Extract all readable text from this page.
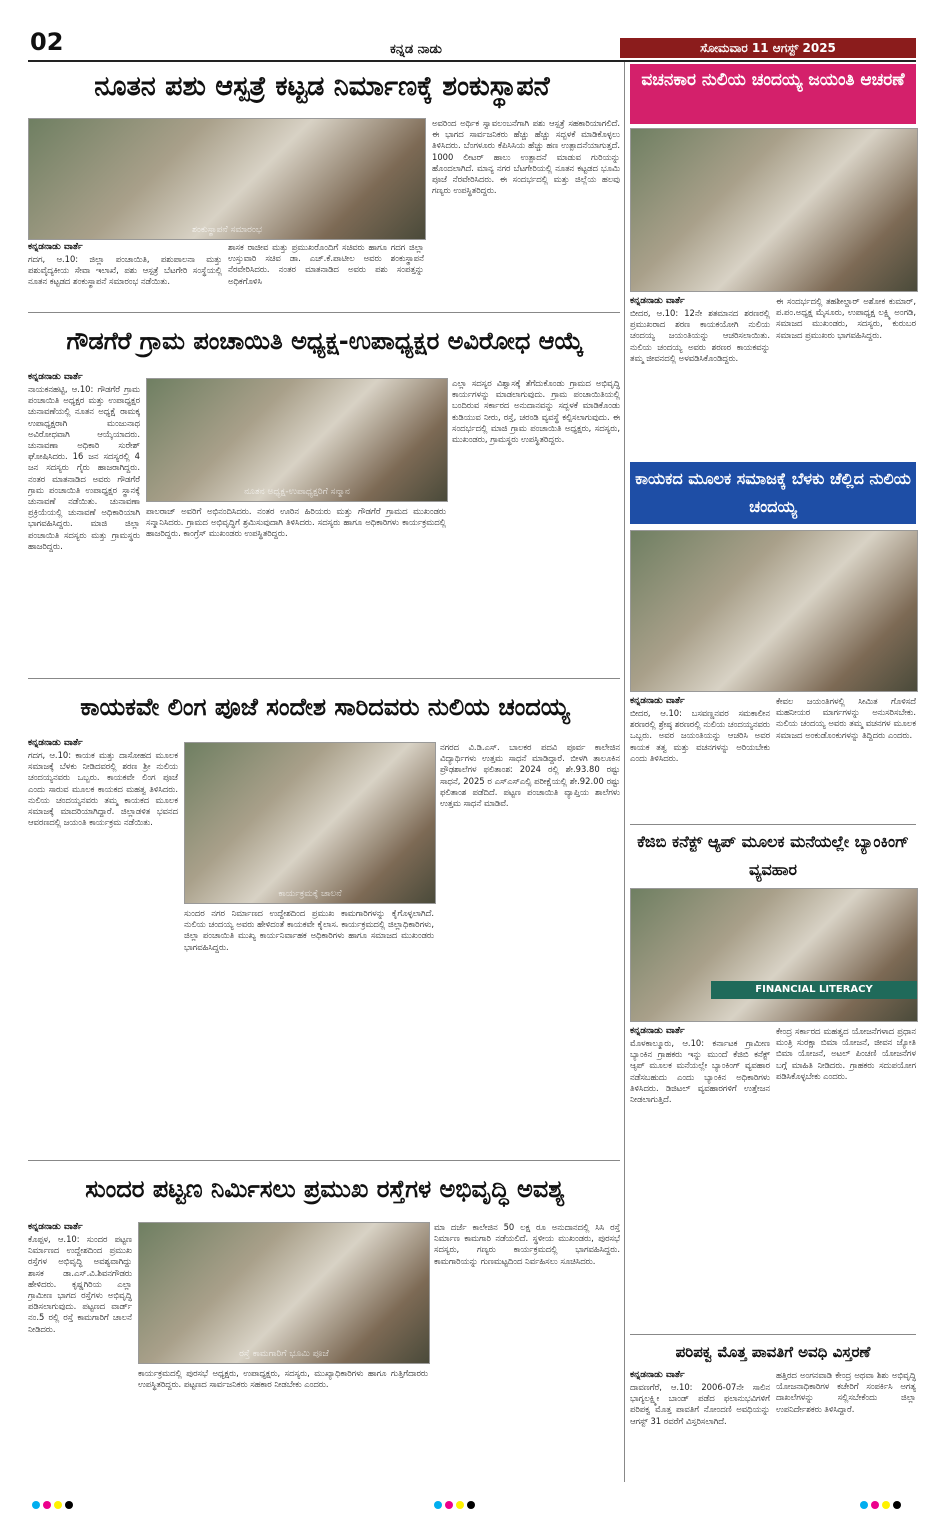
02	ಕನ್ನಡ ನಾಡು	ಸೋಮವಾರ 11 ಆಗಸ್ಟ್ 2025
ನೂತನ ಪಶು ಆಸ್ಪತ್ರೆ ಕಟ್ಟಡ ನಿರ್ಮಾಣಕ್ಕೆ ಶಂಕುಸ್ಥಾಪನೆ
ಶಂಕುಸ್ಥಾಪನೆ ಸಮಾರಂಭ
ಅವರಿಂದ ಅರ್ಥಿಕ ಸ್ವಾವಲಂಬನೆಗಾಗಿ ಪಶು ಆಸ್ಪತ್ರೆ ಸಹಕಾರಿಯಾಗಲಿದೆ. ಈ ಭಾಗದ ಸಾರ್ವಜನಿಕರು ಹೆಚ್ಚು ಹೆಚ್ಚು ಸದ್ಬಳಕೆ ಮಾಡಿಕೊಳ್ಳಲು ತಿಳಿಸಿದರು. ಬೆಂಗಳೂರು ಕೆಪಿಸಿಸಿಯ ಹೆಚ್ಚು ಹಣ ಉತ್ಪಾದನೆಯಾಗುತ್ತದೆ. 1000 ಲೀಟರ್ ಹಾಲು ಉತ್ಪಾದನೆ ಮಾಡುವ ಗುರಿಯನ್ನು ಹೊಂದಲಾಗಿದೆ. ಮಾನ್ಯ ನಗರ ಬೆಟಗೇರಿಯಲ್ಲಿ ನೂತನ ಕಟ್ಟಡದ ಭೂಮಿ ಪೂಜೆ ನೆರವೇರಿಸಿದರು. ಈ ಸಂದರ್ಭದಲ್ಲಿ ಮತ್ತು ಜಿಲ್ಲೆಯ ಹಲವು ಗಣ್ಯರು ಉಪಸ್ಥಿತರಿದ್ದರು.
ಕನ್ನಡನಾಡು ವಾರ್ತೆ
ಗದಗ, ಆ.10: ಜಿಲ್ಲಾ ಪಂಚಾಯಿತಿ, ಪಶುಪಾಲನಾ ಮತ್ತು ಪಶುವೈದ್ಯಕೀಯ ಸೇವಾ ಇಲಾಖೆ, ಪಶು ಆಸ್ಪತ್ರೆ ಬೆಟಗೇರಿ ಸಂಸ್ಥೆಯಲ್ಲಿ ನೂತನ ಕಟ್ಟಡದ ಶಂಕುಸ್ಥಾಪನೆ ಸಮಾರಂಭ ನಡೆಯಿತು.
ಶಾಸಕ ರಾಜೀವ ಮತ್ತು ಪ್ರಮುಖರೊಂದಿಗೆ ಸಚಿವರು ಹಾಗೂ ಗದಗ ಜಿಲ್ಲಾ ಉಸ್ತುವಾರಿ ಸಚಿವ ಡಾ. ಎಚ್.ಕೆ.ಪಾಟೀಲ ಅವರು ಶಂಕುಸ್ಥಾಪನೆ ನೆರವೇರಿಸಿದರು. ನಂತರ ಮಾತನಾಡಿದ ಅವರು ಪಶು ಸಂಪತ್ತನ್ನು ಅಧಿಕಗೊಳಿಸಿ
ಗೌಡಗೆರೆ ಗ್ರಾಮ ಪಂಚಾಯಿತಿ ಅಧ್ಯಕ್ಷ-ಉಪಾಧ್ಯಕ್ಷರ ಅವಿರೋಧ ಆಯ್ಕೆ
ಕನ್ನಡನಾಡು ವಾರ್ತೆ
ನಾಯಕನಹಟ್ಟಿ, ಆ.10: ಗೌಡಗೆರೆ ಗ್ರಾಮ ಪಂಚಾಯಿತಿ ಅಧ್ಯಕ್ಷರ ಮತ್ತು ಉಪಾಧ್ಯಕ್ಷರ ಚುನಾವಣೆಯಲ್ಲಿ ನೂತನ ಅಧ್ಯಕ್ಷೆ ರಾಮಕ್ಕ ಉಪಾಧ್ಯಕ್ಷರಾಗಿ ಮಂಜುನಾಥ ಅವಿರೋಧವಾಗಿ ಆಯ್ಕೆಯಾದರು. ಚುನಾವಣಾ ಅಧಿಕಾರಿ ಸುರೇಶ್ ಘೋಷಿಸಿದರು. 16 ಜನ ಸದಸ್ಯರಲ್ಲಿ 4 ಜನ ಸದಸ್ಯರು ಗೈರು ಹಾಜರಾಗಿದ್ದರು. ನಂತರ ಮಾತನಾಡಿದ ಅವರು ಗೌಡಗೆರೆ ಗ್ರಾಮ ಪಂಚಾಯಿತಿ ಉಪಾಧ್ಯಕ್ಷರ ಸ್ಥಾನಕ್ಕೆ ಚುನಾವಣೆ ನಡೆಯಿತು. ಚುನಾವಣಾ ಪ್ರಕ್ರಿಯೆಯಲ್ಲಿ ಚುನಾವಣೆ ಅಧಿಕಾರಿಯಾಗಿ ಭಾಗವಹಿಸಿದ್ದರು. ಮಾಜಿ ಜಿಲ್ಲಾ ಪಂಚಾಯಿತಿ ಸದಸ್ಯರು ಮತ್ತು ಗ್ರಾಮಸ್ಥರು ಹಾಜರಿದ್ದರು.
ನೂತನ ಅಧ್ಯಕ್ಷ-ಉಪಾಧ್ಯಕ್ಷರಿಗೆ ಸನ್ಮಾನ
ಪಾಲರಾಜ್ ಅವರಿಗೆ ಅಭಿನಂದಿಸಿದರು. ನಂತರ ಊರಿನ ಹಿರಿಯರು ಮತ್ತು ಗೌಡಗೆರೆ ಗ್ರಾಮದ ಮುಖಂಡರು ಸನ್ಮಾನಿಸಿದರು. ಗ್ರಾಮದ ಅಭಿವೃದ್ಧಿಗೆ ಶ್ರಮಿಸುವುದಾಗಿ ತಿಳಿಸಿದರು. ಸದಸ್ಯರು ಹಾಗೂ ಅಧಿಕಾರಿಗಳು ಕಾರ್ಯಕ್ರಮದಲ್ಲಿ ಹಾಜರಿದ್ದರು. ಕಾಂಗ್ರೆಸ್ ಮುಖಂಡರು ಉಪಸ್ಥಿತರಿದ್ದರು.
ಎಲ್ಲಾ ಸದಸ್ಯರ ವಿಶ್ವಾಸಕ್ಕೆ ತೆಗೆದುಕೊಂಡು ಗ್ರಾಮದ ಅಭಿವೃದ್ಧಿ ಕಾರ್ಯಗಳನ್ನು ಮಾಡಲಾಗುವುದು. ಗ್ರಾಮ ಪಂಚಾಯಿತಿಯಲ್ಲಿ ಬಂದಿರುವ ಸರ್ಕಾರದ ಅನುದಾನವನ್ನು ಸದ್ಬಳಕೆ ಮಾಡಿಕೊಂಡು ಕುಡಿಯುವ ನೀರು, ರಸ್ತೆ, ಚರಂಡಿ ವ್ಯವಸ್ಥೆ ಕಲ್ಪಿಸಲಾಗುವುದು. ಈ ಸಂದರ್ಭದಲ್ಲಿ ಮಾಜಿ ಗ್ರಾಮ ಪಂಚಾಯಿತಿ ಅಧ್ಯಕ್ಷರು, ಸದಸ್ಯರು, ಮುಖಂಡರು, ಗ್ರಾಮಸ್ಥರು ಉಪಸ್ಥಿತರಿದ್ದರು.
ಕಾಯಕವೇ ಲಿಂಗ ಪೂಜೆ ಸಂದೇಶ ಸಾರಿದವರು ನುಲಿಯ ಚಂದಯ್ಯ
ಕನ್ನಡನಾಡು ವಾರ್ತೆ
ಗದಗ, ಆ.10: ಕಾಯಕ ಮತ್ತು ದಾಸೋಹದ ಮೂಲಕ ಸಮಾಜಕ್ಕೆ ಬೆಳಕು ನೀಡಿದವರಲ್ಲಿ ಶರಣ ಶ್ರೀ ನುಲಿಯ ಚಂದಯ್ಯನವರು ಒಬ್ಬರು. ಕಾಯಕವೇ ಲಿಂಗ ಪೂಜೆ ಎಂದು ಸಾರುವ ಮೂಲಕ ಕಾಯಕದ ಮಹತ್ವ ತಿಳಿಸಿದರು. ನುಲಿಯ ಚಂದಯ್ಯನವರು ತಮ್ಮ ಕಾಯಕದ ಮೂಲಕ ಸಮಾಜಕ್ಕೆ ಮಾದರಿಯಾಗಿದ್ದಾರೆ. ಜಿಲ್ಲಾಡಳಿತ ಭವನದ ಆವರಣದಲ್ಲಿ ಜಯಂತಿ ಕಾರ್ಯಕ್ರಮ ನಡೆಯಿತು.
ಕಾರ್ಯಕ್ರಮಕ್ಕೆ ಚಾಲನೆ
ಸುಂದರ ನಗರ ನಿರ್ಮಾಣದ ಉದ್ದೇಶದಿಂದ ಪ್ರಮುಖ ಕಾಮಗಾರಿಗಳನ್ನು ಕೈಗೊಳ್ಳಲಾಗಿದೆ. ನುಲಿಯ ಚಂದಯ್ಯ ಅವರು ಹೇಳಿದಂತೆ ಕಾಯಕವೇ ಕೈಲಾಸ. ಕಾರ್ಯಕ್ರಮದಲ್ಲಿ ಜಿಲ್ಲಾಧಿಕಾರಿಗಳು, ಜಿಲ್ಲಾ ಪಂಚಾಯಿತಿ ಮುಖ್ಯ ಕಾರ್ಯನಿರ್ವಾಹಕ ಅಧಿಕಾರಿಗಳು ಹಾಗೂ ಸಮಾಜದ ಮುಖಂಡರು ಭಾಗವಹಿಸಿದ್ದರು.
ನಗರದ ವಿ.ಡಿ.ಎಸ್. ಬಾಲಕರ ಪದವಿ ಪೂರ್ವ ಕಾಲೇಜಿನ ವಿದ್ಯಾರ್ಥಿಗಳು ಉತ್ತಮ ಸಾಧನೆ ಮಾಡಿದ್ದಾರೆ. ಬೀಳಗಿ ತಾಲೂಕಿನ ಪ್ರೌಢಶಾಲೆಗಳ ಫಲಿತಾಂಶ: 2024 ರಲ್ಲಿ ಶೇ.93.80 ರಷ್ಟು ಸಾಧನೆ, 2025 ರ ಎಸ್ಎಸ್ಎಲ್ಸಿ ಪರೀಕ್ಷೆಯಲ್ಲಿ ಶೇ.92.00 ರಷ್ಟು ಫಲಿತಾಂಶ ಪಡೆದಿದೆ. ಪಟ್ಟಣ ಪಂಚಾಯಿತಿ ವ್ಯಾಪ್ತಿಯ ಶಾಲೆಗಳು ಉತ್ತಮ ಸಾಧನೆ ಮಾಡಿವೆ.
ಸುಂದರ ಪಟ್ಟಣ ನಿರ್ಮಿಸಲು ಪ್ರಮುಖ ರಸ್ತೆಗಳ ಅಭಿವೃದ್ಧಿ ಅವಶ್ಯ
ಕನ್ನಡನಾಡು ವಾರ್ತೆ
ಕೊಪ್ಪಳ, ಆ.10: ಸುಂದರ ಪಟ್ಟಣ ನಿರ್ಮಾಣದ ಉದ್ದೇಶದಿಂದ ಪ್ರಮುಖ ರಸ್ತೆಗಳ ಅಭಿವೃದ್ಧಿ ಅವಶ್ಯವಾಗಿದ್ದು ಶಾಸಕ ಡಾ.ಎಸ್.ವಿ.ಶಿವನಗೌಡರು ಹೇಳಿದರು. ಕೃಷ್ಣಗಿರಿಯ ಎಲ್ಲಾ ಗ್ರಾಮೀಣ ಭಾಗದ ರಸ್ತೆಗಳು ಅಭಿವೃದ್ಧಿ ಪಡಿಸಲಾಗುವುದು. ಪಟ್ಟಣದ ವಾರ್ಡ್ ನಂ.5 ರಲ್ಲಿ ರಸ್ತೆ ಕಾಮಗಾರಿಗೆ ಚಾಲನೆ ನೀಡಿದರು.
ರಸ್ತೆ ಕಾಮಗಾರಿಗೆ ಭೂಮಿ ಪೂಜೆ
ಕಾರ್ಯಕ್ರಮದಲ್ಲಿ ಪುರಸಭೆ ಅಧ್ಯಕ್ಷರು, ಉಪಾಧ್ಯಕ್ಷರು, ಸದಸ್ಯರು, ಮುಖ್ಯಾಧಿಕಾರಿಗಳು ಹಾಗೂ ಗುತ್ತಿಗೆದಾರರು ಉಪಸ್ಥಿತರಿದ್ದರು. ಪಟ್ಟಣದ ಸಾರ್ವಜನಿಕರು ಸಹಕಾರ ನೀಡಬೇಕು ಎಂದರು.
ಮಾ ದರ್ಜೆ ಕಾಲೇಜಿನ 50 ಲಕ್ಷ ರೂ ಅನುದಾನದಲ್ಲಿ ಸಿಸಿ ರಸ್ತೆ ನಿರ್ಮಾಣ ಕಾಮಗಾರಿ ನಡೆಯಲಿದೆ. ಸ್ಥಳೀಯ ಮುಖಂಡರು, ಪುರಸಭೆ ಸದಸ್ಯರು, ಗಣ್ಯರು ಕಾರ್ಯಕ್ರಮದಲ್ಲಿ ಭಾಗವಹಿಸಿದ್ದರು. ಕಾಮಗಾರಿಯನ್ನು ಗುಣಮಟ್ಟದಿಂದ ನಿರ್ವಹಿಸಲು ಸೂಚಿಸಿದರು.
ವಚನಕಾರ ನುಲಿಯ ಚಂದಯ್ಯ ಜಯಂತಿ ಆಚರಣೆ
ಕನ್ನಡನಾಡು ವಾರ್ತೆ
ಬೀದರ, ಆ.10: 12ನೇ ಶತಮಾನದ ಶರಣರಲ್ಲಿ ಪ್ರಮುಖರಾದ ಶರಣ ಕಾಯಕಯೋಗಿ ನುಲಿಯ ಚಂದಯ್ಯ ಜಯಂತಿಯನ್ನು ಆಚರಿಸಲಾಯಿತು. ನುಲಿಯ ಚಂದಯ್ಯ ಅವರು ಶರಣರ ಕಾಯಕವನ್ನು ತಮ್ಮ ಜೀವನದಲ್ಲಿ ಅಳವಡಿಸಿಕೊಂಡಿದ್ದರು.
ಈ ಸಂದರ್ಭದಲ್ಲಿ ತಹಶೀಲ್ದಾರ್ ಅಶೋಕ ಕುಮಾರ್, ಪ.ಪಂ.ಅಧ್ಯಕ್ಷ ಮೈಸೂರು, ಉಪಾಧ್ಯಕ್ಷ ಲಕ್ಷ್ಮಿ ಅಂಗಡಿ, ಸಮಾಜದ ಮುಖಂಡರು, ಸದಸ್ಯರು, ಕುರುಬರ ಸಮಾಜದ ಪ್ರಮುಖರು ಭಾಗವಹಿಸಿದ್ದರು.
ಕಾಯಕದ ಮೂಲಕ ಸಮಾಜಕ್ಕೆ ಬೆಳಕು ಚೆಲ್ಲಿದ ನುಲಿಯ ಚಂದಯ್ಯ
ಕನ್ನಡನಾಡು ವಾರ್ತೆ
ಬೀದರ, ಆ.10: ಬಸವಣ್ಣನವರ ಸಮಕಾಲೀನ ಶರಣರಲ್ಲಿ ಶ್ರೇಷ್ಠ ಶರಣರಲ್ಲಿ ನುಲಿಯ ಚಂದಯ್ಯನವರು ಒಬ್ಬರು. ಅವರ ಜಯಂತಿಯನ್ನು ಆಚರಿಸಿ ಅವರ ಕಾಯಕ ತತ್ವ ಮತ್ತು ವಚನಗಳನ್ನು ಅರಿಯಬೇಕು ಎಂದು ತಿಳಿಸಿದರು.
ಕೇವಲ ಜಯಂತಿಗಳಲ್ಲಿ ಸೀಮಿತ ಗೊಳಿಸದೆ ಮಹನೀಯರ ಮಾರ್ಗಗಳನ್ನು ಅನುಸರಿಸಬೇಕು. ನುಲಿಯ ಚಂದಯ್ಯ ಅವರು ತಮ್ಮ ವಚನಗಳ ಮೂಲಕ ಸಮಾಜದ ಅಂಕುಡೊಂಕುಗಳನ್ನು ತಿದ್ದಿದರು ಎಂದರು.
ಕೆಜಿಬಿ ಕನೆಕ್ಟ್ ಆ್ಯಪ್ ಮೂಲಕ ಮನೆಯಲ್ಲೇ ಬ್ಯಾಂಕಿಂಗ್ ವ್ಯವಹಾರ
FINANCIAL LITERACY
ಕನ್ನಡನಾಡು ವಾರ್ತೆ
ಮೊಳಕಾಲ್ಮೂರು, ಆ.10: ಕರ್ನಾಟಕ ಗ್ರಾಮೀಣ ಬ್ಯಾಂಕಿನ ಗ್ರಾಹಕರು ಇನ್ನು ಮುಂದೆ ಕೆಜಿಬಿ ಕನೆಕ್ಟ್ ಆ್ಯಪ್ ಮೂಲಕ ಮನೆಯಲ್ಲೇ ಬ್ಯಾಂಕಿಂಗ್ ವ್ಯವಹಾರ ನಡೆಸಬಹುದು ಎಂದು ಬ್ಯಾಂಕಿನ ಅಧಿಕಾರಿಗಳು ತಿಳಿಸಿದರು. ಡಿಜಿಟಲ್ ವ್ಯವಹಾರಗಳಿಗೆ ಉತ್ತೇಜನ ನೀಡಲಾಗುತ್ತಿದೆ.
ಕೇಂದ್ರ ಸರ್ಕಾರದ ಮಹತ್ವದ ಯೋಜನೆಗಳಾದ ಪ್ರಧಾನ ಮಂತ್ರಿ ಸುರಕ್ಷಾ ಬಿಮಾ ಯೋಜನೆ, ಜೀವನ ಜ್ಯೋತಿ ಬಿಮಾ ಯೋಜನೆ, ಅಟಲ್ ಪಿಂಚಣಿ ಯೋಜನೆಗಳ ಬಗ್ಗೆ ಮಾಹಿತಿ ನೀಡಿದರು. ಗ್ರಾಹಕರು ಸದುಪಯೋಗ ಪಡಿಸಿಕೊಳ್ಳಬೇಕು ಎಂದರು.
ಪರಿಪಕ್ವ ಮೊತ್ತ ಪಾವತಿಗೆ ಅವಧಿ ವಿಸ್ತರಣೆ
ಕನ್ನಡನಾಡು ವಾರ್ತೆ
ದಾವಣಗೆರೆ, ಆ.10: 2006-07ನೇ ಸಾಲಿನ ಭಾಗ್ಯಲಕ್ಷ್ಮೀ ಬಾಂಡ್ ಪಡೆದ ಫಲಾನುಭವಿಗಳಿಗೆ ಪರಿಪಕ್ವ ಮೊತ್ತ ಪಾವತಿಗೆ ನೋಂದಣಿ ಅವಧಿಯನ್ನು ಆಗಸ್ಟ್ 31 ರವರೆಗೆ ವಿಸ್ತರಿಸಲಾಗಿದೆ.
ಹತ್ತಿರದ ಅಂಗನವಾಡಿ ಕೇಂದ್ರ ಅಥವಾ ಶಿಶು ಅಭಿವೃದ್ಧಿ ಯೋಜನಾಧಿಕಾರಿಗಳ ಕಚೇರಿಗೆ ಸಂಪರ್ಕಿಸಿ ಅಗತ್ಯ ದಾಖಲೆಗಳನ್ನು ಸಲ್ಲಿಸಬೇಕೆಂದು ಜಿಲ್ಲಾ ಉಪನಿರ್ದೇಶಕರು ತಿಳಿಸಿದ್ದಾರೆ.
